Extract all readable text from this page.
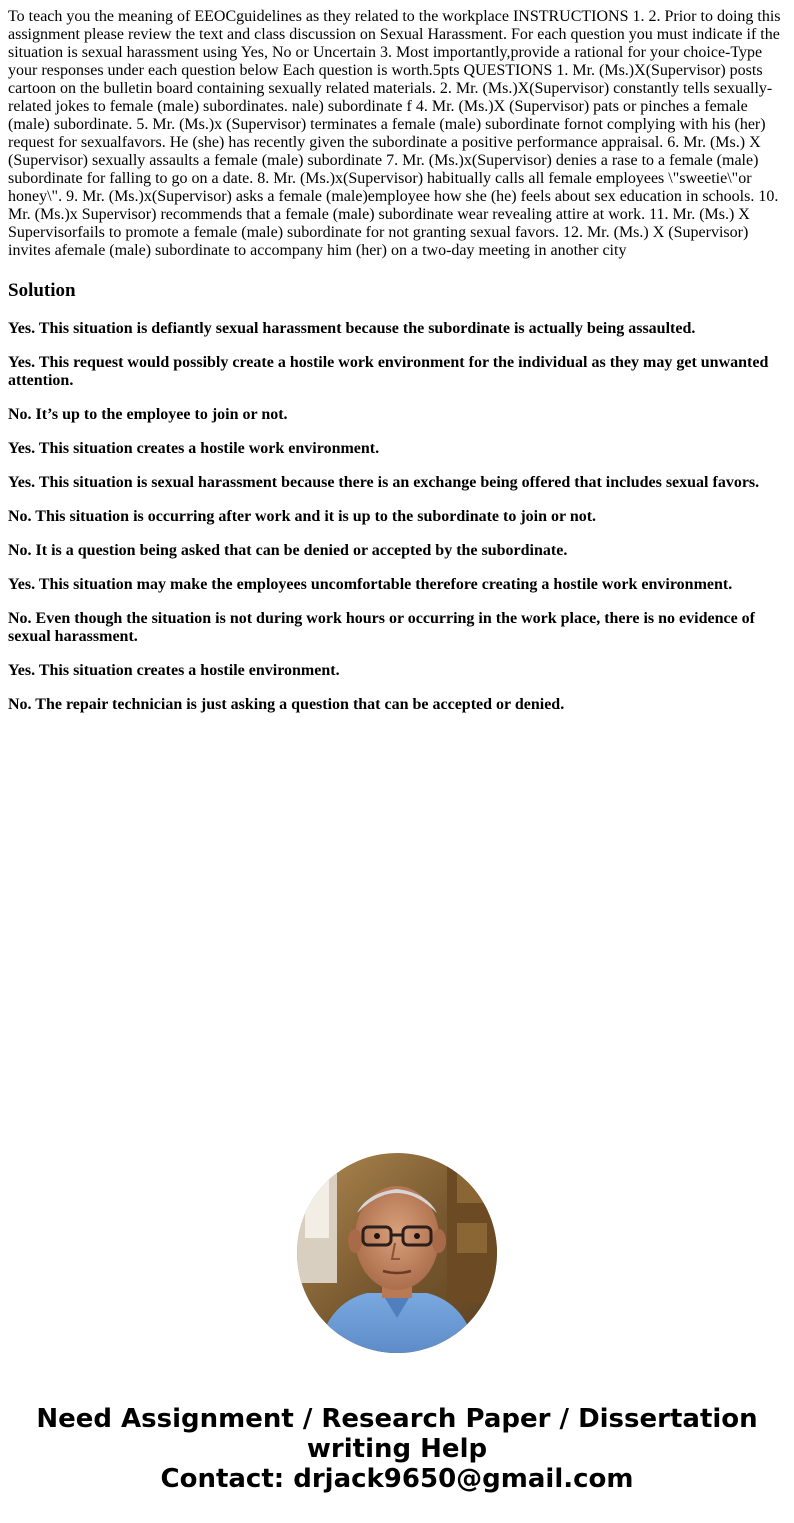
To teach you the meaning of EEOCguidelines as they related to the workplace INSTRUCTIONS 1. 2. Prior to doing this assignment please review the text and class discussion on Sexual Harassment. For each question you must indicate if the situation is sexual harassment using Yes, No or Uncertain 3. Most importantly,provide a rational for your choice-Type your responses under each question below Each question is worth.5pts QUESTIONS 1. Mr. (Ms.)X(Supervisor) posts cartoon on the bulletin board containing sexually related materials. 2. Mr. (Ms.)X(Supervisor) constantly tells sexually-related jokes to female (male) subordinates. nale) subordinate f 4. Mr. (Ms.)X (Supervisor) pats or pinches a female (male) subordinate. 5. Mr. (Ms.)x (Supervisor) terminates a female (male) subordinate fornot complying with his (her) request for sexualfavors. He (she) has recently given the subordinate a positive performance appraisal. 6. Mr. (Ms.) X (Supervisor) sexually assaults a female (male) subordinate 7. Mr. (Ms.)x(Supervisor) denies a rase to a female (male) subordinate for falling to go on a date. 8. Mr. (Ms.)x(Supervisor) habitually calls all female employees \"sweetie\"or honey\". 9. Mr. (Ms.)x(Supervisor) asks a female (male)employee how she (he) feels about sex education in schools. 10. Mr. (Ms.)x Supervisor) recommends that a female (male) subordinate wear revealing attire at work. 11. Mr. (Ms.) X Supervisorfails to promote a female (male) subordinate for not granting sexual favors. 12. Mr. (Ms.) X (Supervisor) invites afemale (male) subordinate to accompany him (her) on a two-day meeting in another city

Solution

Yes. This situation is defiantly sexual harassment because the subordinate is actually being assaulted.

Yes. This request would possibly create a hostile work environment for the individual as they may get unwanted attention.

No. It’s up to the employee to join or not.

Yes. This situation creates a hostile work environment.

Yes. This situation is sexual harassment because there is an exchange being offered that includes sexual favors.

No. This situation is occurring after work and it is up to the subordinate to join or not.

No. It is a question being asked that can be denied or accepted by the subordinate.

Yes. This situation may make the employees uncomfortable therefore creating a hostile work environment.

No. Even though the situation is not during work hours or occurring in the work place, there is no evidence of sexual harassment.

Yes. This situation creates a hostile environment.

No. The repair technician is just asking a question that can be accepted or denied.

Need Assignment / Research Paper / Dissertation
writing Help
Contact: drjack9650@gmail.com
